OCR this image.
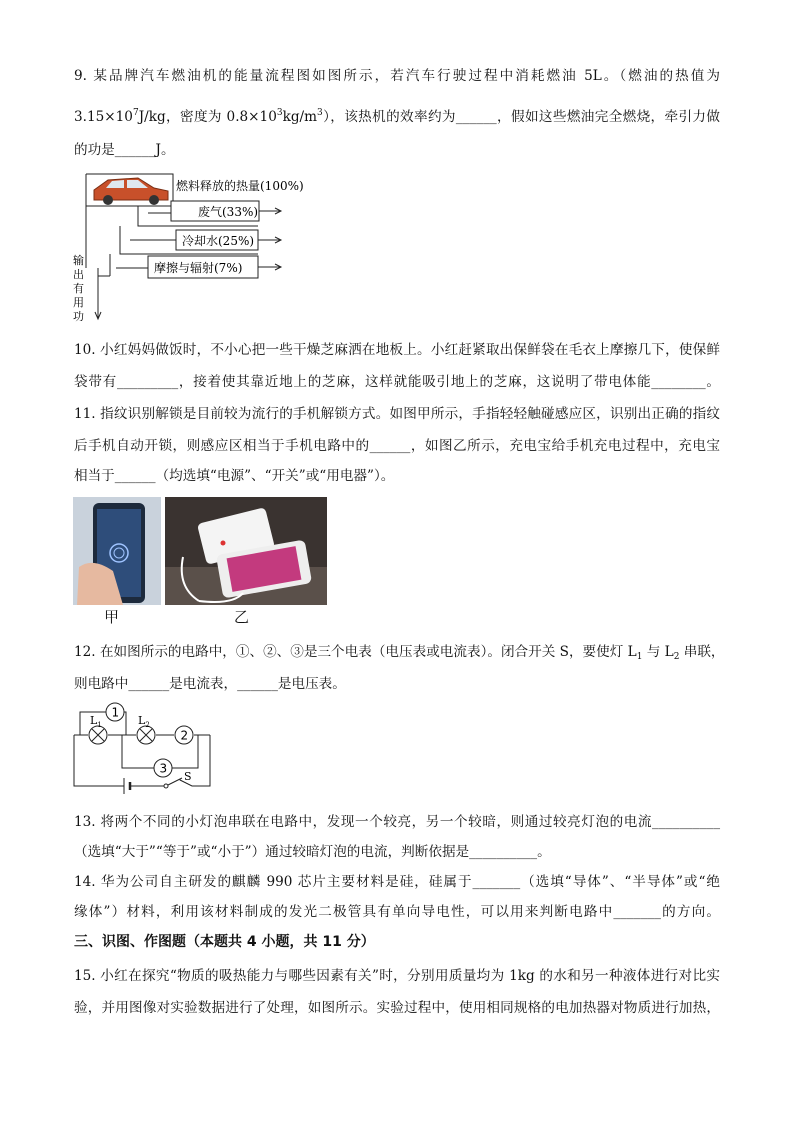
9. 某品牌汽车燃油机的能量流程图如图所示，若汽车行驶过程中消耗燃油 5L。（燃油的热值为
$3.15\times 10^7J/kg$，密度为 $0.8\times 10^3kg/m^3$），该热机的效率约为______，假如这些燃油完全燃烧，牵引力做
的功是______J。
燃料释放的热量(100%)
废气(33%)
冷却水(25%)
摩擦与辐射(7%)
输
出
有
用
功
10. 小红妈妈做饭时，不小心把一些干燥芝麻洒在地板上。小红赶紧取出保鲜袋在毛衣上摩擦几下，使保鲜
袋带有_________，接着使其靠近地上的芝麻，这样就能吸引地上的芝麻，这说明了带电体能________。
11. 指纹识别解锁是目前较为流行的手机解锁方式。如图甲所示，手指轻轻触碰感应区，识别出正确的指纹
后手机自动开锁，则感应区相当于手机电路中的______，如图乙所示，充电宝给手机充电过程中，充电宝
相当于______（均选填“电源”、“开关”或“用电器”）。
甲	乙
12. 在如图所示的电路中，①、②、③是三个电表（电压表或电流表）。闭合开关 S，要使灯 $L_1$ 与 $L_2$ 串联，
则电路中______是电流表，______是电压表。
1
2
3
$L_1$	$L_2$
S
13. 将两个不同的小灯泡串联在电路中，发现一个较亮，另一个较暗，则通过较亮灯泡的电流__________
（选填“大于”“等于”或“小于”）通过较暗灯泡的电流，判断依据是__________。
14. 华为公司自主研发的麒麟 990 芯片主要材料是硅，硅属于_______（选填“导体”、“半导体”或“绝
缘体”）材料，利用该材料制成的发光二极管具有单向导电性，可以用来判断电路中_______的方向。
三、识图、作图题（本题共 4 小题，共 11 分）
15. 小红在探究“物质的吸热能力与哪些因素有关”时，分别用质量均为 1kg 的水和另一种液体进行对比实
验，并用图像对实验数据进行了处理，如图所示。实验过程中，使用相同规格的电加热器对物质进行加热，
